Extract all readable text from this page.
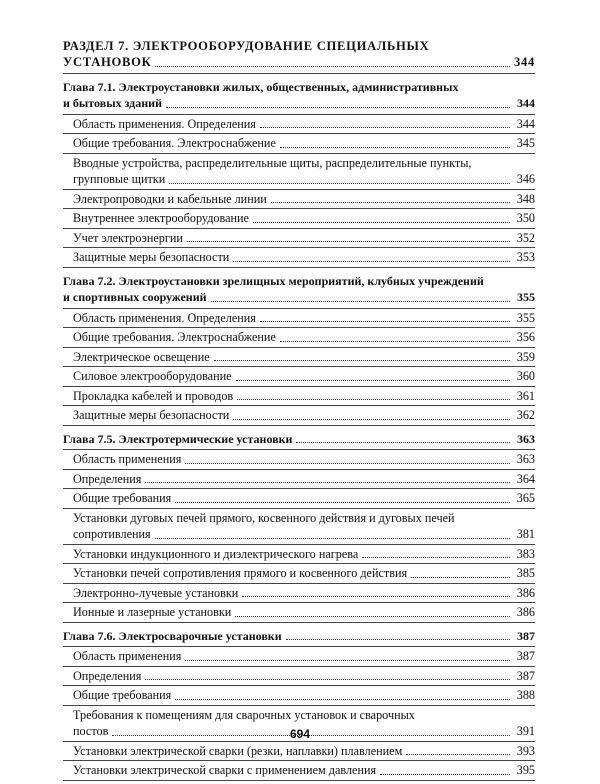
РАЗДЕЛ 7. ЭЛЕКТРООБОРУДОВАНИЕ СПЕЦИАЛЬНЫХ
УСТАНОВОК	344
Глава 7.1. Электроустановки жилых, общественных, административных
и бытовых зданий	344
Область применения. Определения	344
Общие требования. Электроснабжение	345
Вводные устройства, распределительные щиты, распределительные пункты,
групповые щитки	346
Электропроводки и кабельные линии	348
Внутреннее электрооборудование	350
Учет электроэнергии	352
Защитные меры безопасности	353
Глава 7.2. Электроустановки зрелищных мероприятий, клубных учреждений
и спортивных сооружений	355
Область применения. Определения	355
Общие требования. Электроснабжение	356
Электрическое освещение	359
Силовое электрооборудование	360
Прокладка кабелей и проводов	361
Защитные меры безопасности	362
Глава 7.5. Электротермические установки	363
Область применения	363
Определения	364
Общие требования	365
Установки дуговых печей прямого, косвенного действия и дуговых печей
сопротивления	381
Установки индукционного и диэлектрического нагрева	383
Установки печей сопротивления прямого и косвенного действия	385
Электронно-лучевые установки	386
Ионные и лазерные установки	386
Глава 7.6. Электросварочные установки	387
Область применения	387
Определения	387
Общие требования	388
Требования к помещениям для сварочных установок и сварочных
постов	391
Установки электрической сварки (резки, наплавки) плавлением	393
Установки электрической сварки с применением давления	395
694
